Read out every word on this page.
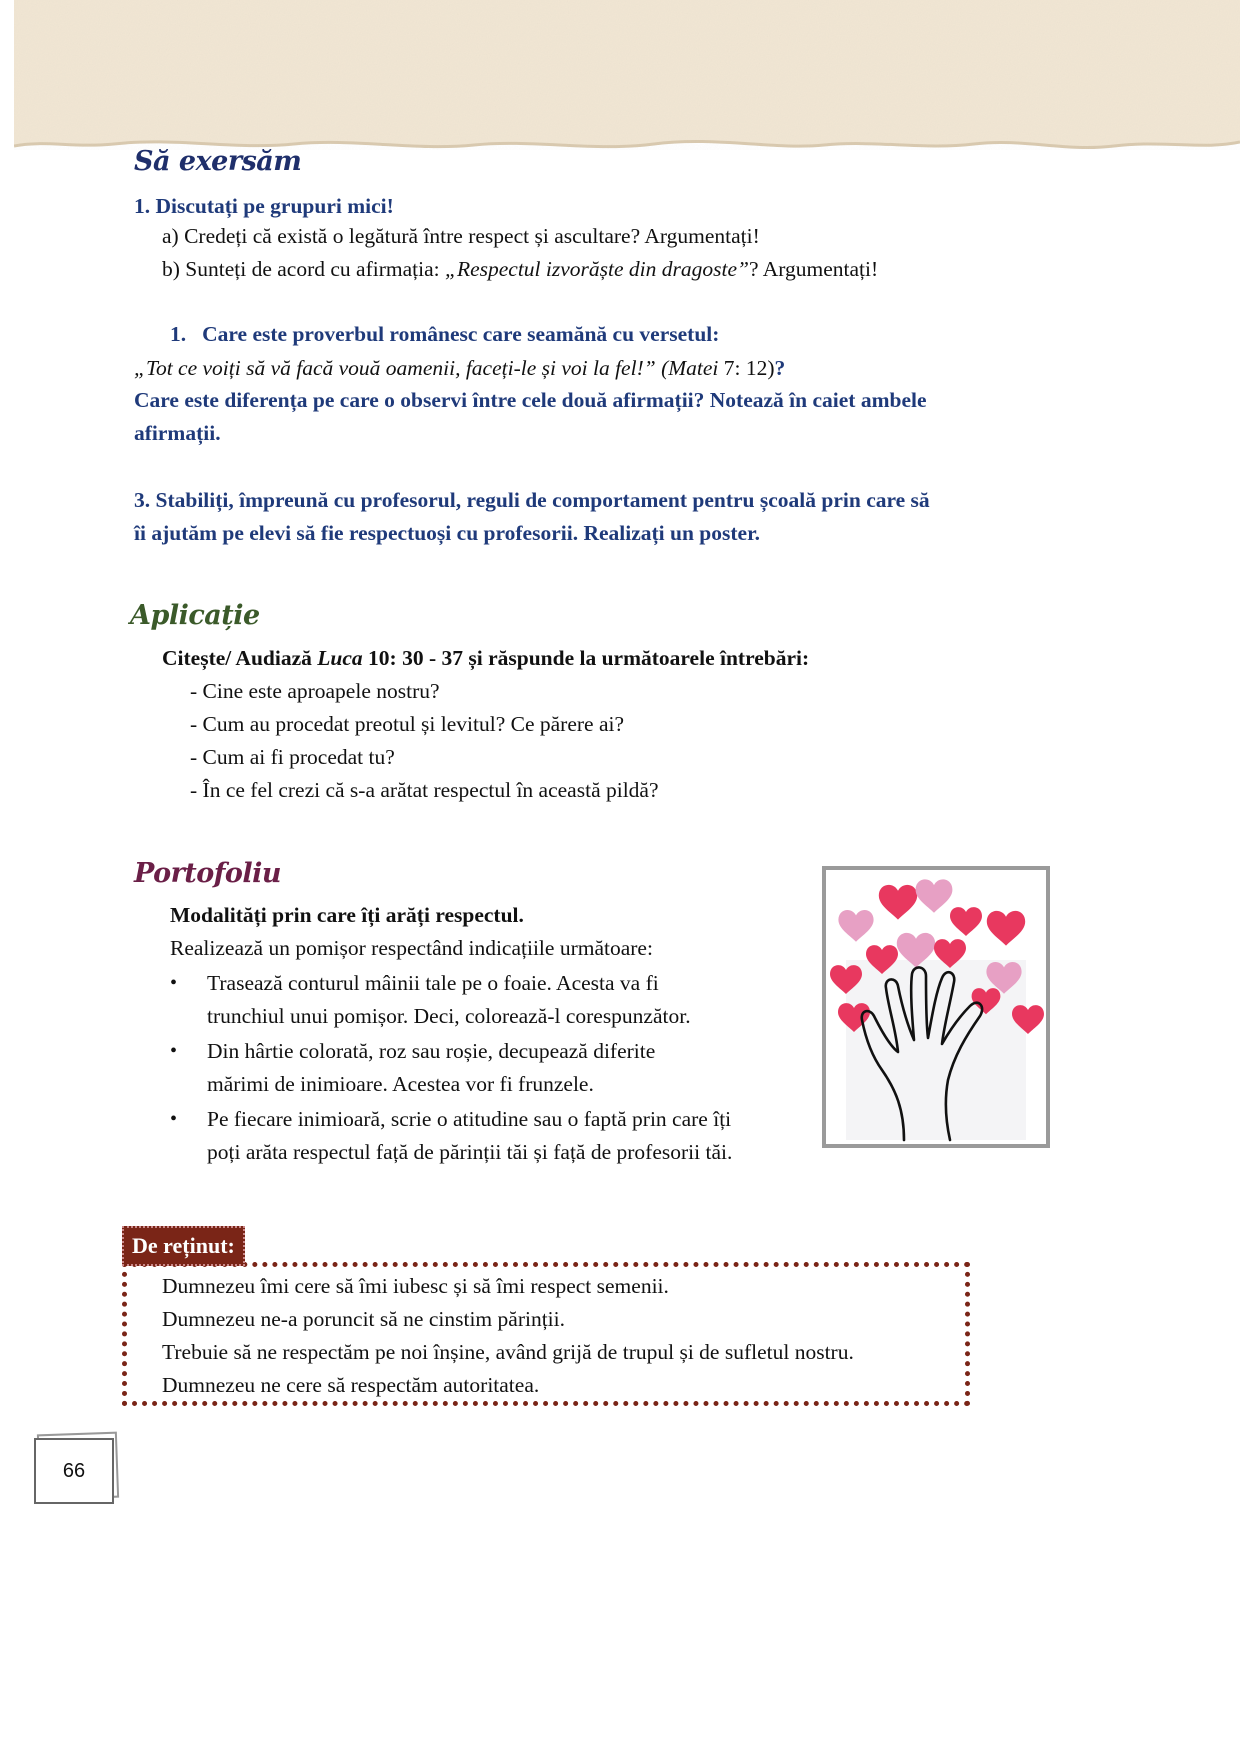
Să exersăm
1. Discutați pe grupuri mici!
a) Credeți că există o legătură între respect și ascultare? Argumentați!
b) Sunteți de acord cu afirmația: „Respectul izvorăște din dragoste”? Argumentați!
1. Care este proverbul românesc care seamănă cu versetul:
„Tot ce voiți să vă facă vouă oamenii, faceți-le și voi la fel!” (Matei 7: 12)?
Care este diferența pe care o observi între cele două afirmații? Notează în caiet ambele
afirmații.
3. Stabiliți, împreună cu profesorul, reguli de comportament pentru școală prin care să
îi ajutăm pe elevi să fie respectuoși cu profesorii. Realizați un poster.
Aplicație
Citește/ Audiază Luca 10: 30 - 37 și răspunde la următoarele întrebări:
- Cine este aproapele nostru?
- Cum au procedat preotul și levitul? Ce părere ai?
- Cum ai fi procedat tu?
- În ce fel crezi că s-a arătat respectul în această pildă?
Portofoliu
Modalități prin care îți arăți respectul.
Realizează un pomișor respectând indicațiile următoare:
• Trasează conturul mâinii tale pe o foaie. Acesta va fi
trunchiul unui pomișor. Deci, colorează-l corespunzător.
• Din hârtie colorată, roz sau roșie, decupează diferite
mărimi de inimioare. Acestea vor fi frunzele.
• Pe fiecare inimioară, scrie o atitudine sau o faptă prin care îți
poți arăta respectul față de părinții tăi și față de profesorii tăi.
De reținut:
Dumnezeu îmi cere să îmi iubesc și să îmi respect semenii.
Dumnezeu ne-a poruncit să ne cinstim părinții.
Trebuie să ne respectăm pe noi înșine, având grijă de trupul și de sufletul nostru.
Dumnezeu ne cere să respectăm autoritatea.
66
